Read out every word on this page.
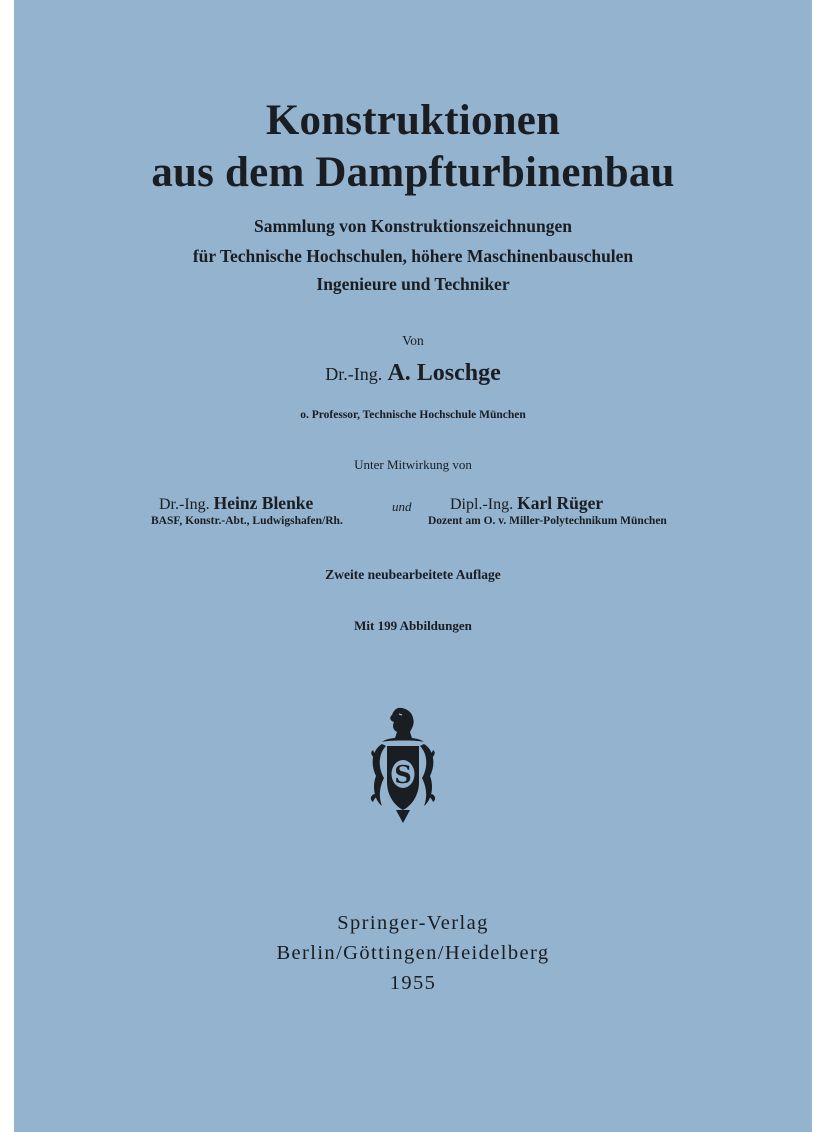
Konstruktionen
aus dem Dampfturbinenbau
Sammlung von Konstruktionszeichnungen
für Technische Hochschulen, höhere Maschinenbauschulen
Ingenieure und Techniker
Von
Dr.-Ing. A. Loschge
o. Professor, Technische Hochschule München
Unter Mitwirkung von
Dr.-Ing. Heinz Blenke	und Dipl.-Ing. Karl Rüger
BASF, Konstr.-Abt., Ludwigshafen/Rh.	Dozent am O. v. Miller-Polytechnikum München
Zweite neubearbeitete Auflage
Mit 199 Abbildungen
S
Springer-Verlag
Berlin/Göttingen/Heidelberg
1955
